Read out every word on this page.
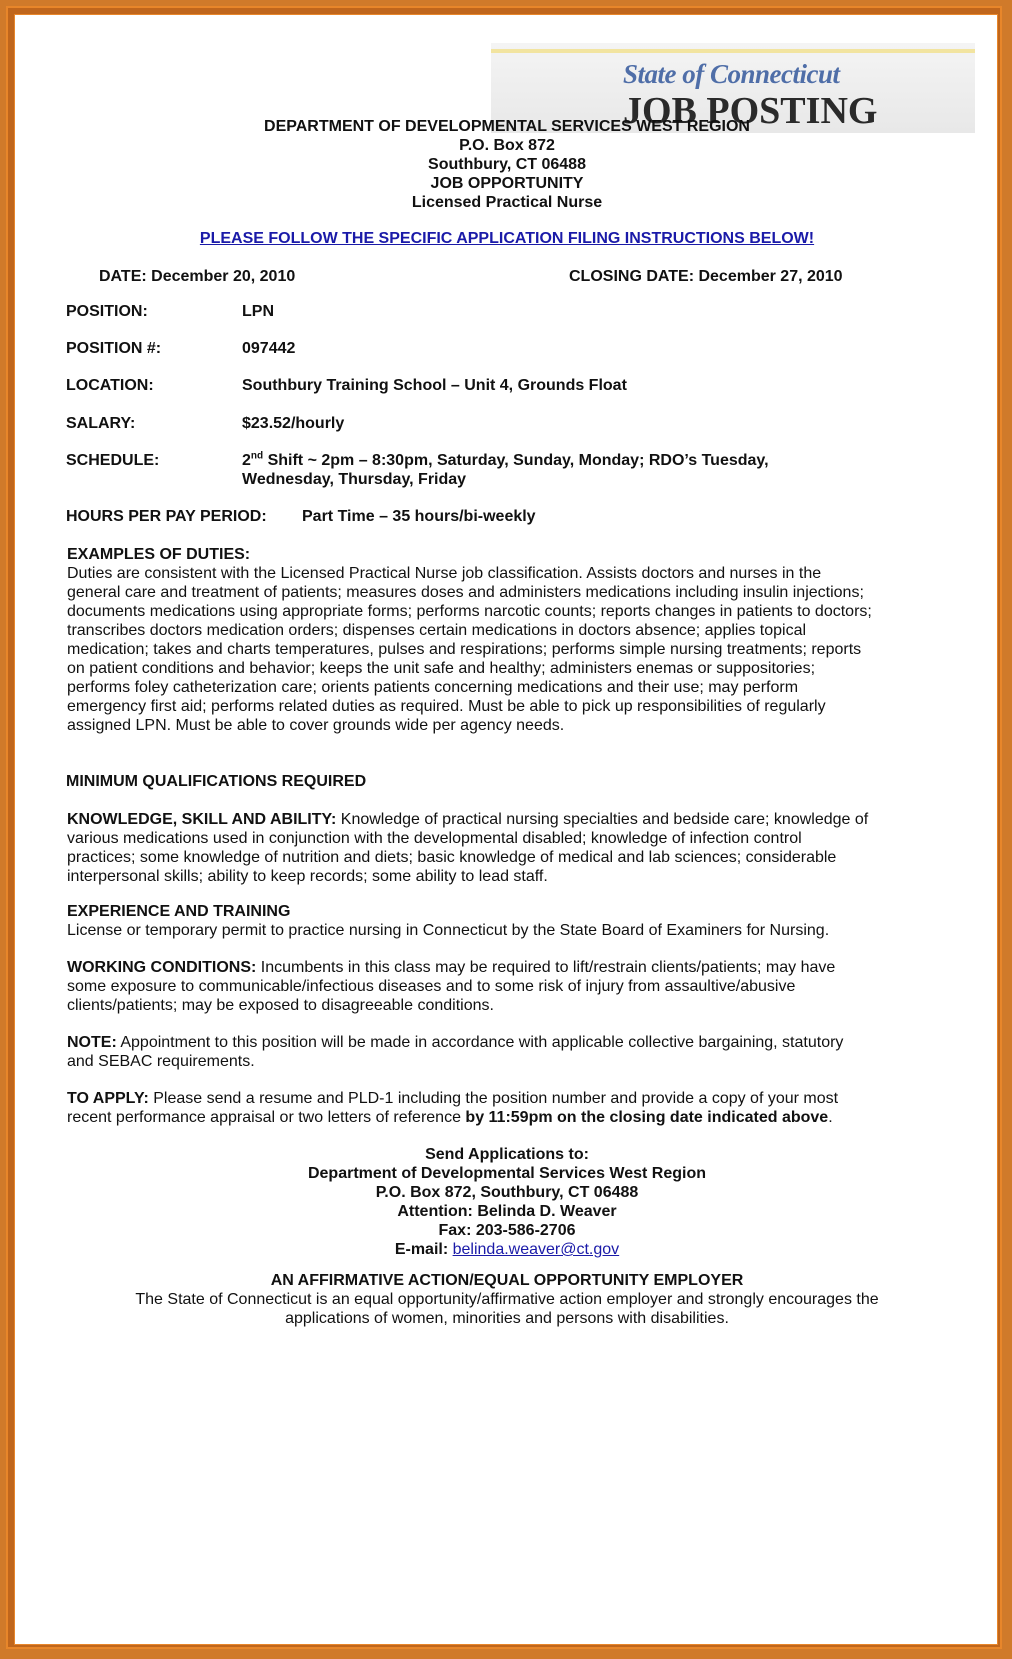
State of Connecticut
JOB POSTING
DEPARTMENT OF DEVELOPMENTAL SERVICES WEST REGION
P.O. Box 872
Southbury, CT 06488
JOB OPPORTUNITY
Licensed Practical Nurse
PLEASE FOLLOW THE SPECIFIC APPLICATION FILING INSTRUCTIONS BELOW!
DATE: December 20, 2010	CLOSING DATE: December 27, 2010
POSITION:	LPN
POSITION #:	097442
LOCATION:	Southbury Training School – Unit 4, Grounds Float
SALARY:	$23.52/hourly
SCHEDULE:	2nd Shift ~ 2pm – 8:30pm, Saturday, Sunday, Monday; RDO’s Tuesday,
Wednesday, Thursday, Friday
HOURS PER PAY PERIOD: Part Time – 35 hours/bi-weekly
EXAMPLES OF DUTIES:
Duties are consistent with the Licensed Practical Nurse job classification. Assists doctors and nurses in the
general care and treatment of patients; measures doses and administers medications including insulin injections;
documents medications using appropriate forms; performs narcotic counts; reports changes in patients to doctors;
transcribes doctors medication orders; dispenses certain medications in doctors absence; applies topical
medication; takes and charts temperatures, pulses and respirations; performs simple nursing treatments; reports
on patient conditions and behavior; keeps the unit safe and healthy; administers enemas or suppositories;
performs foley catheterization care; orients patients concerning medications and their use; may perform
emergency first aid; performs related duties as required. Must be able to pick up responsibilities of regularly
assigned LPN. Must be able to cover grounds wide per agency needs.
MINIMUM QUALIFICATIONS REQUIRED
KNOWLEDGE, SKILL AND ABILITY: Knowledge of practical nursing specialties and bedside care; knowledge of
various medications used in conjunction with the developmental disabled; knowledge of infection control
practices; some knowledge of nutrition and diets; basic knowledge of medical and lab sciences; considerable
interpersonal skills; ability to keep records; some ability to lead staff.
EXPERIENCE AND TRAINING
License or temporary permit to practice nursing in Connecticut by the State Board of Examiners for Nursing.
WORKING CONDITIONS: Incumbents in this class may be required to lift/restrain clients/patients; may have
some exposure to communicable/infectious diseases and to some risk of injury from assaultive/abusive
clients/patients; may be exposed to disagreeable conditions.
NOTE: Appointment to this position will be made in accordance with applicable collective bargaining, statutory
and SEBAC requirements.
TO APPLY: Please send a resume and PLD-1 including the position number and provide a copy of your most
recent performance appraisal or two letters of reference by 11:59pm on the closing date indicated above.
Send Applications to:
Department of Developmental Services West Region
P.O. Box 872, Southbury, CT 06488
Attention: Belinda D. Weaver
Fax: 203-586-2706
E-mail: belinda.weaver@ct.gov
AN AFFIRMATIVE ACTION/EQUAL OPPORTUNITY EMPLOYER
The State of Connecticut is an equal opportunity/affirmative action employer and strongly encourages the
applications of women, minorities and persons with disabilities.
